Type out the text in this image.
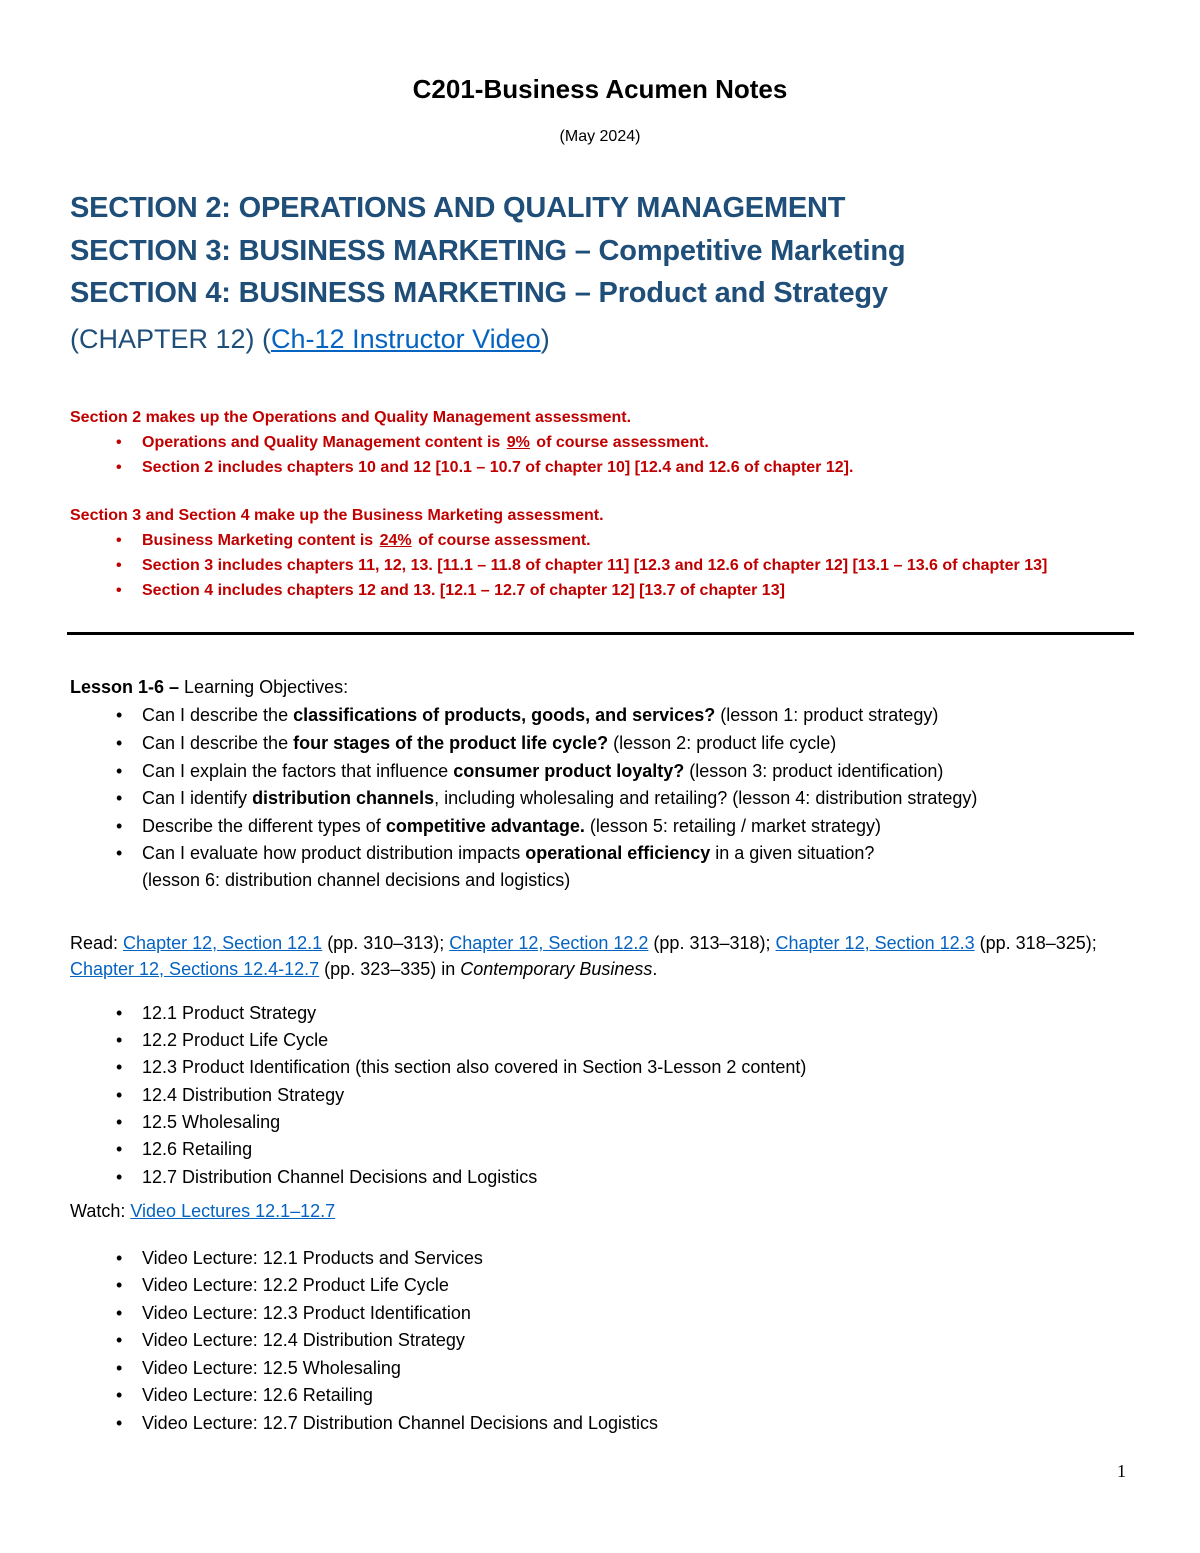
C201-Business Acumen Notes
(May 2024)
SECTION 2: OPERATIONS AND QUALITY MANAGEMENT
SECTION 3: BUSINESS MARKETING – Competitive Marketing
SECTION 4: BUSINESS MARKETING – Product and Strategy
(CHAPTER 12) (Ch-12 Instructor Video)
Section 2 makes up the Operations and Quality Management assessment.
• Operations and Quality Management content is 9% of course assessment.
• Section 2 includes chapters 10 and 12 [10.1 – 10.7 of chapter 10] [12.4 and 12.6 of chapter 12].
Section 3 and Section 4 make up the Business Marketing assessment.
• Business Marketing content is 24% of course assessment.
• Section 3 includes chapters 11, 12, 13. [11.1 – 11.8 of chapter 11] [12.3 and 12.6 of chapter 12] [13.1 – 13.6 of chapter 13]
• Section 4 includes chapters 12 and 13. [12.1 – 12.7 of chapter 12] [13.7 of chapter 13]
Lesson 1-6 – Learning Objectives:
• Can I describe the classifications of products, goods, and services? (lesson 1: product strategy)
• Can I describe the four stages of the product life cycle? (lesson 2: product life cycle)
• Can I explain the factors that influence consumer product loyalty? (lesson 3: product identification)
• Can I identify distribution channels, including wholesaling and retailing? (lesson 4: distribution strategy)
• Describe the different types of competitive advantage. (lesson 5: retailing / market strategy)
• Can I evaluate how product distribution impacts operational efficiency in a given situation?
(lesson 6: distribution channel decisions and logistics)
Read: Chapter 12, Section 12.1 (pp. 310–313); Chapter 12, Section 12.2 (pp. 313–318); Chapter 12, Section 12.3 (pp. 318–325); Chapter 12, Sections 12.4-12.7 (pp. 323–335) in Contemporary Business.
• 12.1 Product Strategy
• 12.2 Product Life Cycle
• 12.3 Product Identification (this section also covered in Section 3-Lesson 2 content)
• 12.4 Distribution Strategy
• 12.5 Wholesaling
• 12.6 Retailing
• 12.7 Distribution Channel Decisions and Logistics
Watch: Video Lectures 12.1–12.7
• Video Lecture: 12.1 Products and Services
• Video Lecture: 12.2 Product Life Cycle
• Video Lecture: 12.3 Product Identification
• Video Lecture: 12.4 Distribution Strategy
• Video Lecture: 12.5 Wholesaling
• Video Lecture: 12.6 Retailing
• Video Lecture: 12.7 Distribution Channel Decisions and Logistics
1
